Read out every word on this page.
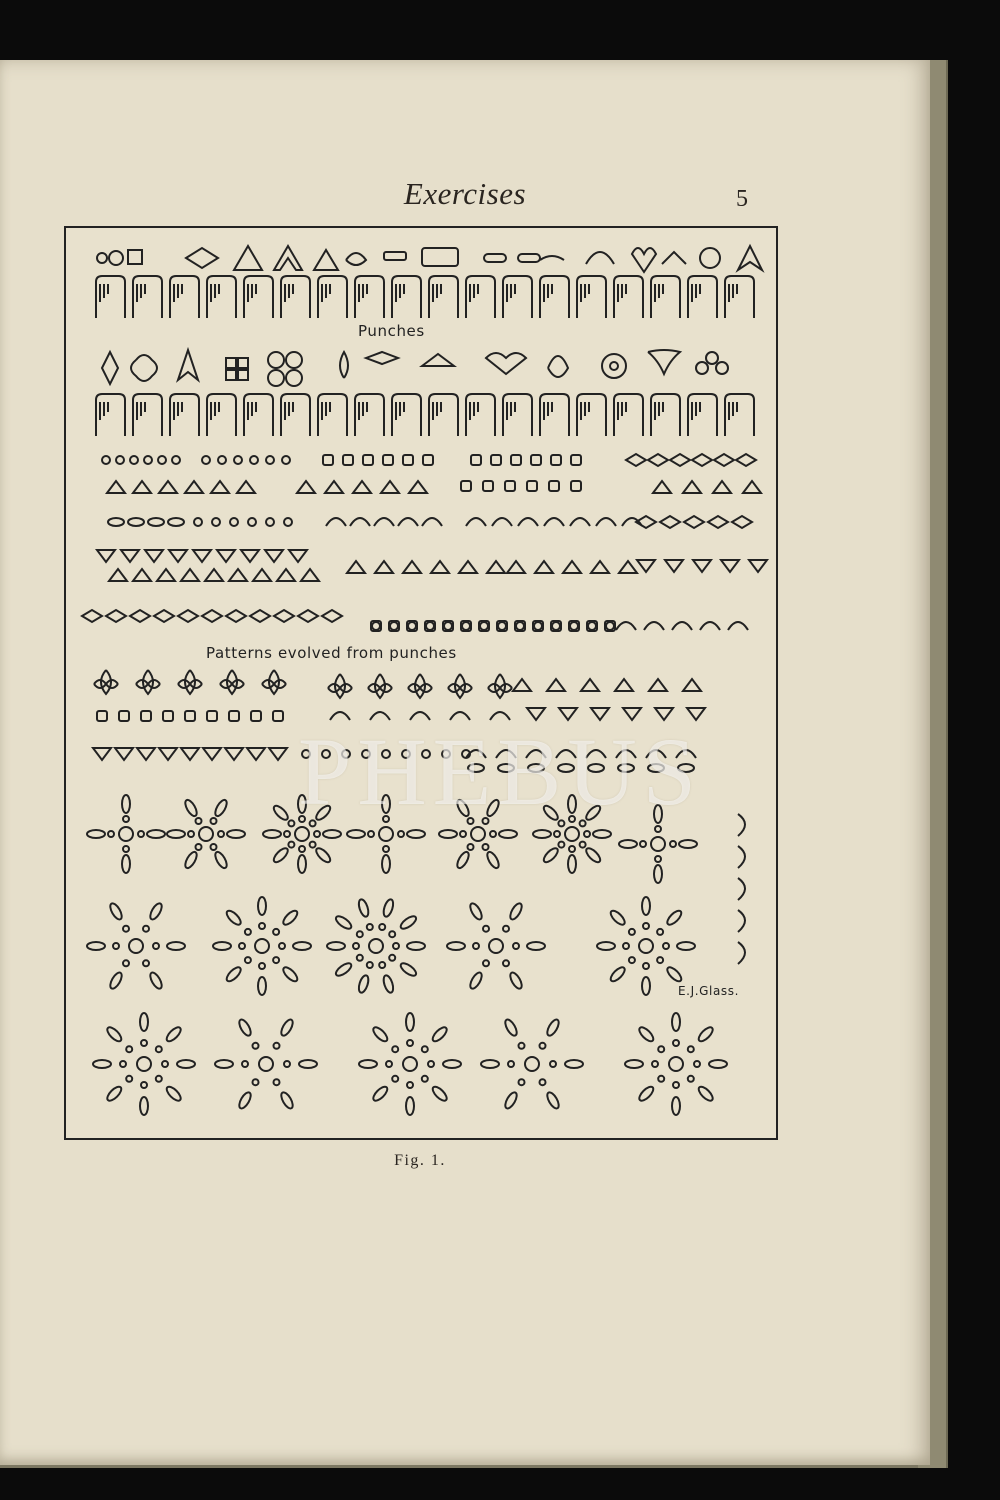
Exercises	5
Punches
Patterns evolved from punches
E.J.Glass.
Fig. 1.
PHEBUS
